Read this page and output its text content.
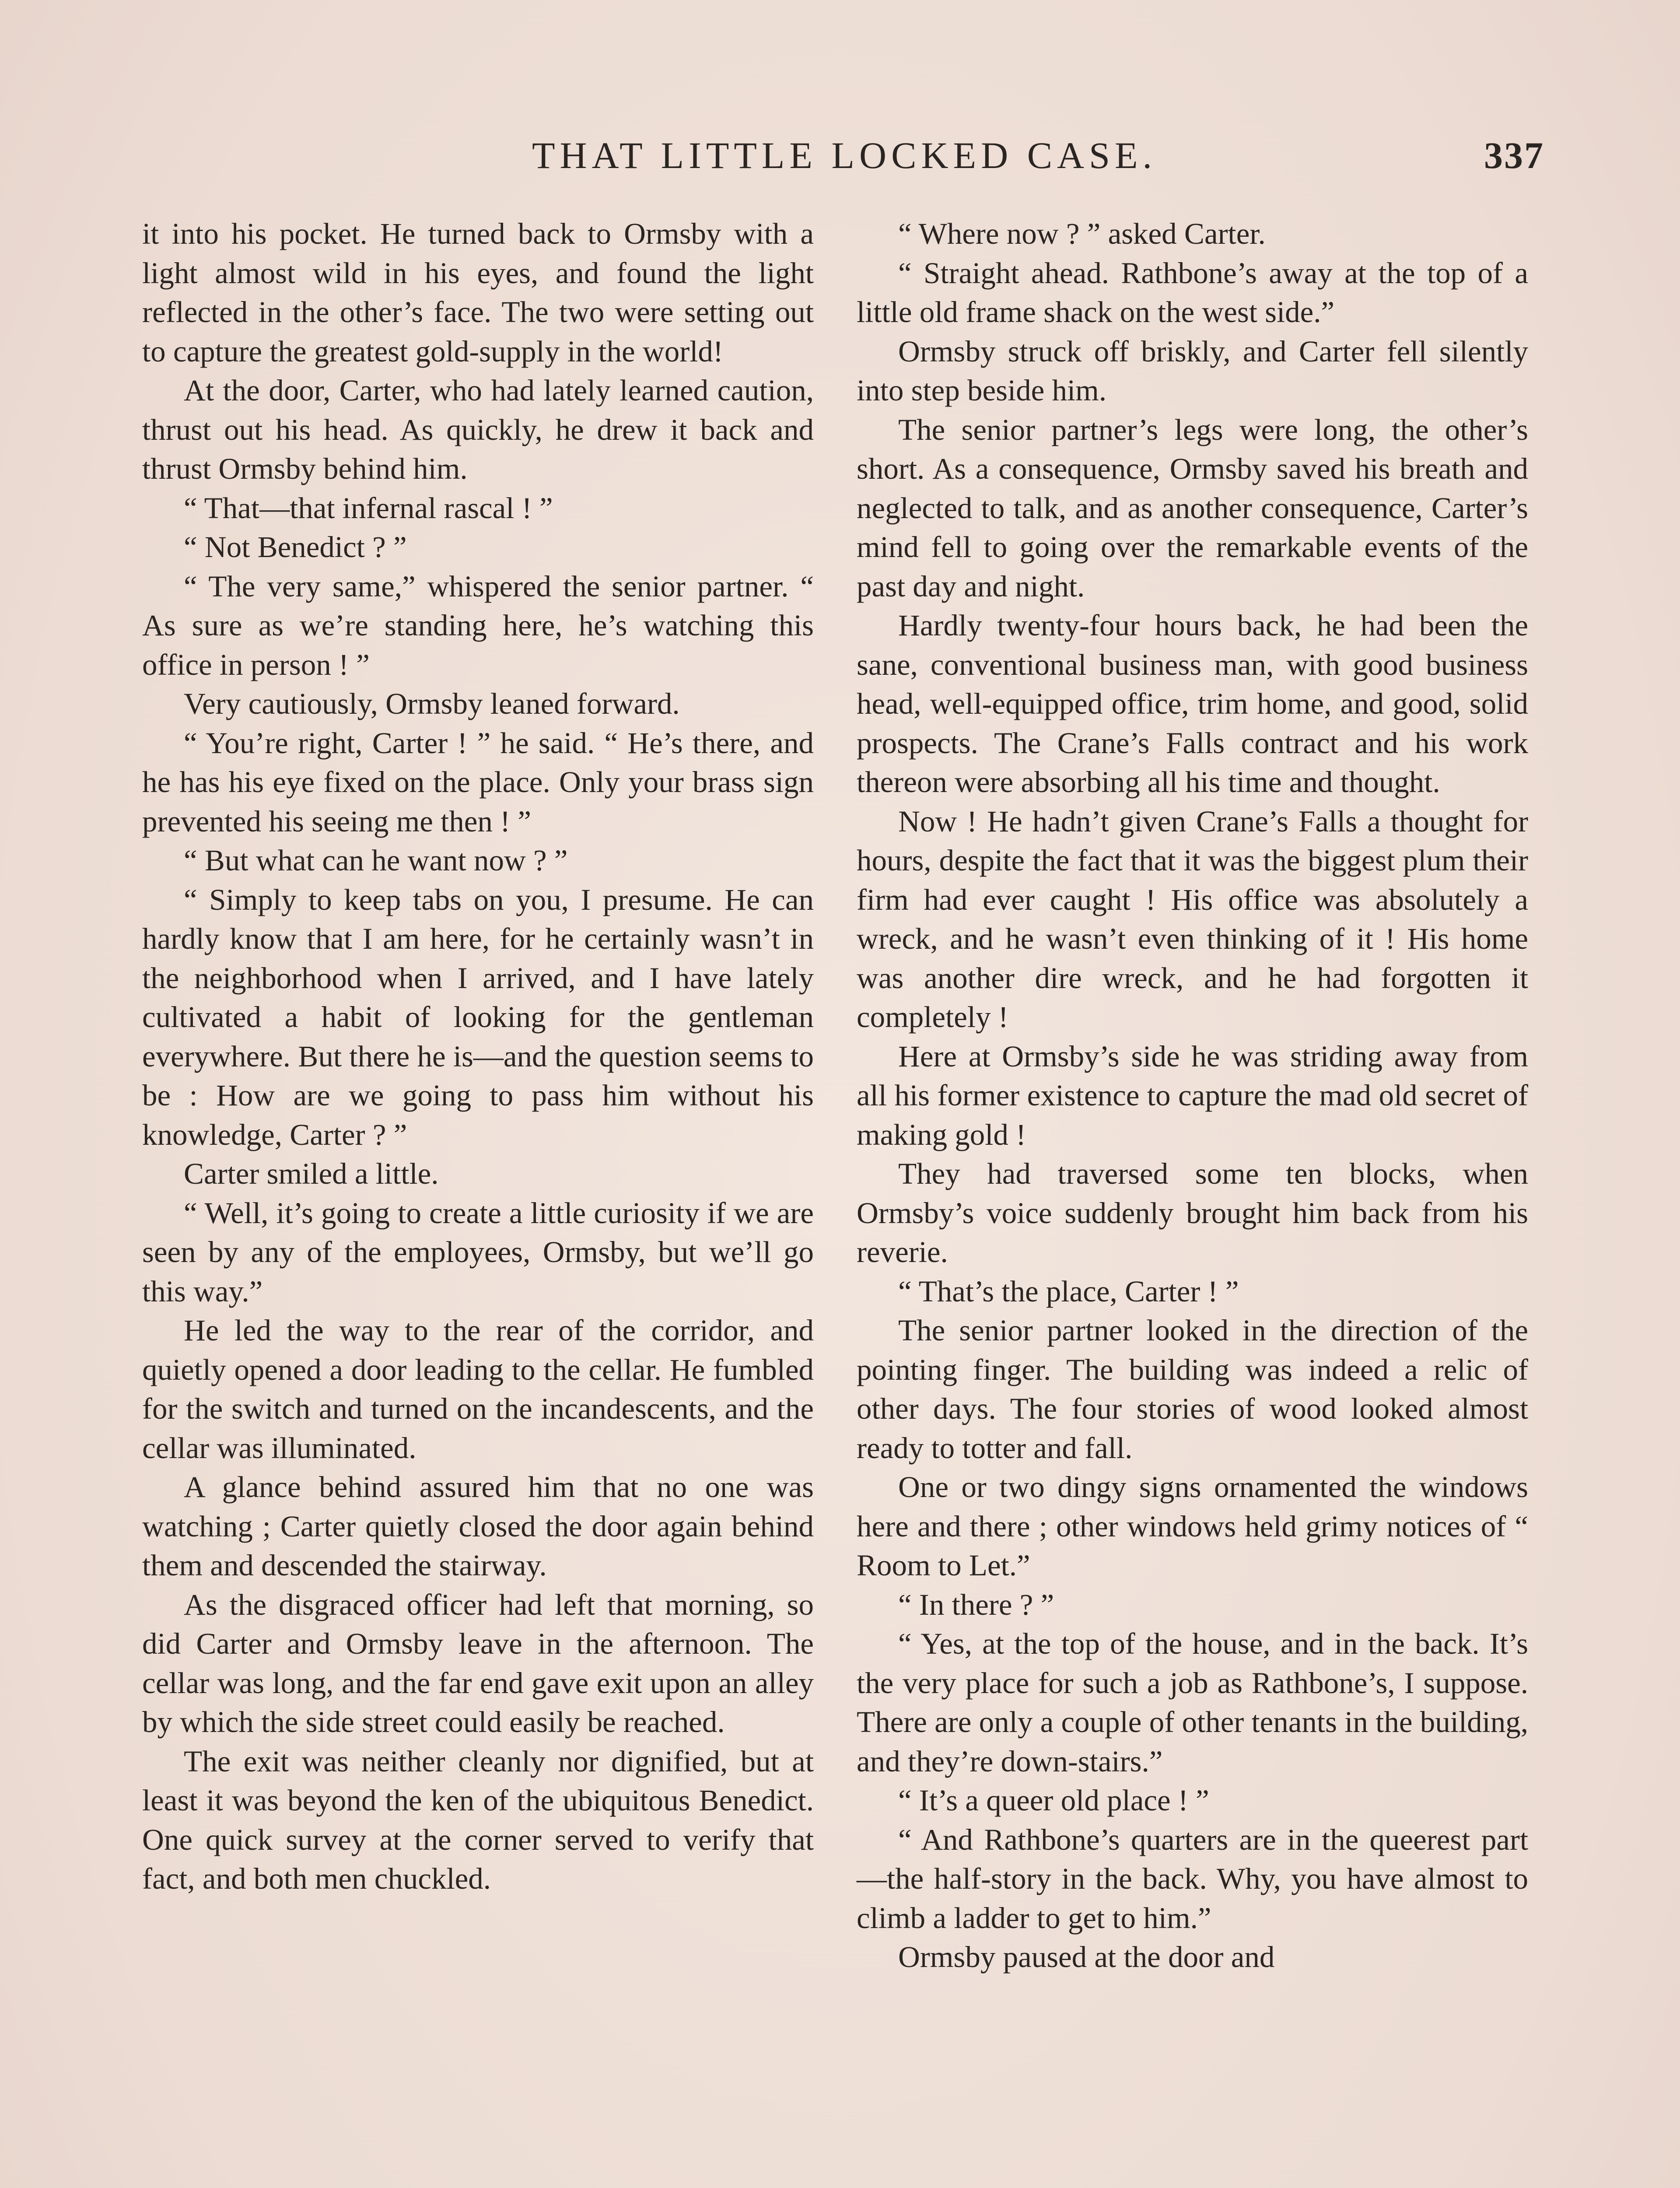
THAT LITTLE LOCKED CASE.	337

it into his pocket. He turned back to Ormsby with a light almost wild in his eyes, and found the light reflected in the other’s face. The two were setting out to capture the greatest gold-supply in the world!

At the door, Carter, who had lately learned caution, thrust out his head. As quickly, he drew it back and thrust Ormsby behind him.

“ That—that infernal rascal ! ”

“ Not Benedict ? ”

“ The very same,” whispered the senior partner. “ As sure as we’re standing here, he’s watching this office in person ! ”

Very cautiously, Ormsby leaned forward.

“ You’re right, Carter ! ” he said. “ He’s there, and he has his eye fixed on the place. Only your brass sign prevented his seeing me then ! ”

“ But what can he want now ? ”

“ Simply to keep tabs on you, I presume. He can hardly know that I am here, for he certainly wasn’t in the neighborhood when I arrived, and I have lately cultivated a habit of looking for the gentleman everywhere. But there he is—and the question seems to be : How are we going to pass him without his knowledge, Carter ? ”

Carter smiled a little.

“ Well, it’s going to create a little curiosity if we are seen by any of the employees, Ormsby, but we’ll go this way.”

He led the way to the rear of the corridor, and quietly opened a door leading to the cellar. He fumbled for the switch and turned on the incandescents, and the cellar was illuminated.

A glance behind assured him that no one was watching ; Carter quietly closed the door again behind them and descended the stairway.

As the disgraced officer had left that morning, so did Carter and Ormsby leave in the afternoon. The cellar was long, and the far end gave exit upon an alley by which the side street could easily be reached.

The exit was neither cleanly nor dignified, but at least it was beyond the ken of the ubiquitous Benedict. One quick survey at the corner served to verify that fact, and both men chuckled.

“ Where now ? ” asked Carter.

“ Straight ahead. Rathbone’s away at the top of a little old frame shack on the west side.”

Ormsby struck off briskly, and Carter fell silently into step beside him.

The senior partner’s legs were long, the other’s short. As a consequence, Ormsby saved his breath and neglected to talk, and as another consequence, Carter’s mind fell to going over the remarkable events of the past day and night.

Hardly twenty-four hours back, he had been the sane, conventional business man, with good business head, well-equipped office, trim home, and good, solid prospects. The Crane’s Falls contract and his work thereon were absorbing all his time and thought.

Now ! He hadn’t given Crane’s Falls a thought for hours, despite the fact that it was the biggest plum their firm had ever caught ! His office was absolutely a wreck, and he wasn’t even thinking of it ! His home was another dire wreck, and he had forgotten it completely !

Here at Ormsby’s side he was striding away from all his former existence to capture the mad old secret of making gold !

They had traversed some ten blocks, when Ormsby’s voice suddenly brought him back from his reverie.

“ That’s the place, Carter ! ”

The senior partner looked in the direction of the pointing finger. The building was indeed a relic of other days. The four stories of wood looked almost ready to totter and fall.

One or two dingy signs ornamented the windows here and there ; other windows held grimy notices of “ Room to Let.”

“ In there ? ”

“ Yes, at the top of the house, and in the back. It’s the very place for such a job as Rathbone’s, I suppose. There are only a couple of other tenants in the building, and they’re down-stairs.”

“ It’s a queer old place ! ”

“ And Rathbone’s quarters are in the queerest part—the half-story in the back. Why, you have almost to climb a ladder to get to him.”

Ormsby paused at the door and
